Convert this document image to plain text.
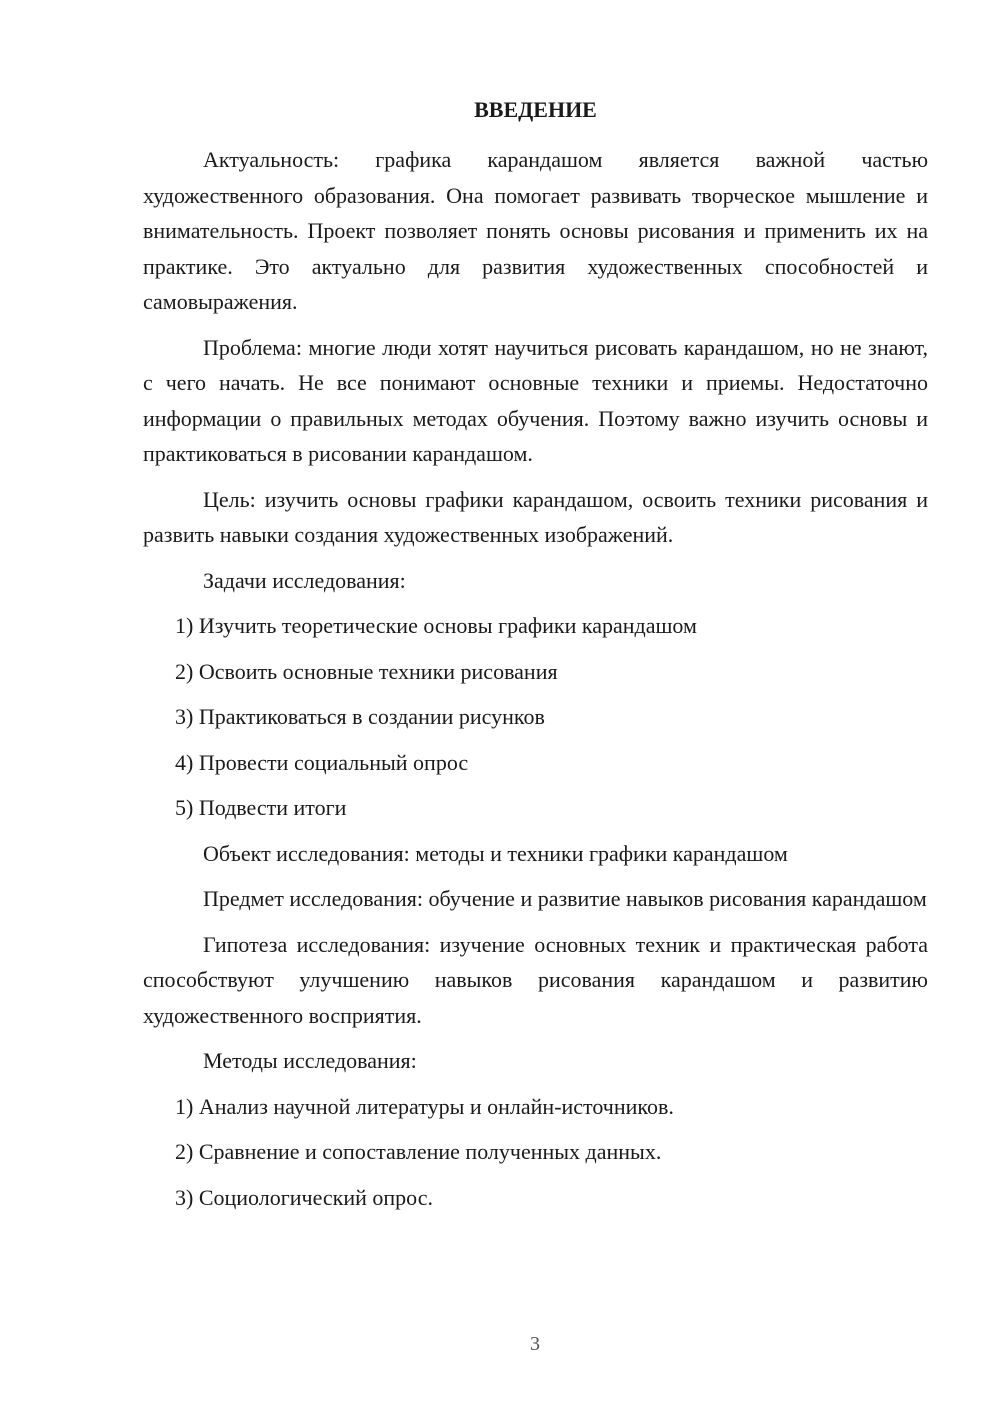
ВВЕДЕНИЕ

Актуальность: графика карандашом является важной частью художественного образования. Она помогает развивать творческое мышление и внимательность. Проект позволяет понять основы рисования и применить их на практике. Это актуально для развития художественных способностей и самовыражения.

Проблема: многие люди хотят научиться рисовать карандашом, но не знают, с чего начать. Не все понимают основные техники и приемы. Недостаточно информации о правильных методах обучения. Поэтому важно изучить основы и практиковаться в рисовании карандашом.

Цель: изучить основы графики карандашом, освоить техники рисования и развить навыки создания художественных изображений.

Задачи исследования:
1) Изучить теоретические основы графики карандашом
2) Освоить основные техники рисования
3) Практиковаться в создании рисунков
4) Провести социальный опрос
5) Подвести итоги

Объект исследования: методы и техники графики карандашом

Предмет исследования: обучение и развитие навыков рисования карандашом

Гипотеза исследования: изучение основных техник и практическая работа способствуют улучшению навыков рисования карандашом и развитию художественного восприятия.

Методы исследования:
1) Анализ научной литературы и онлайн-источников.
2) Сравнение и сопоставление полученных данных.
3) Социологический опрос.
3
